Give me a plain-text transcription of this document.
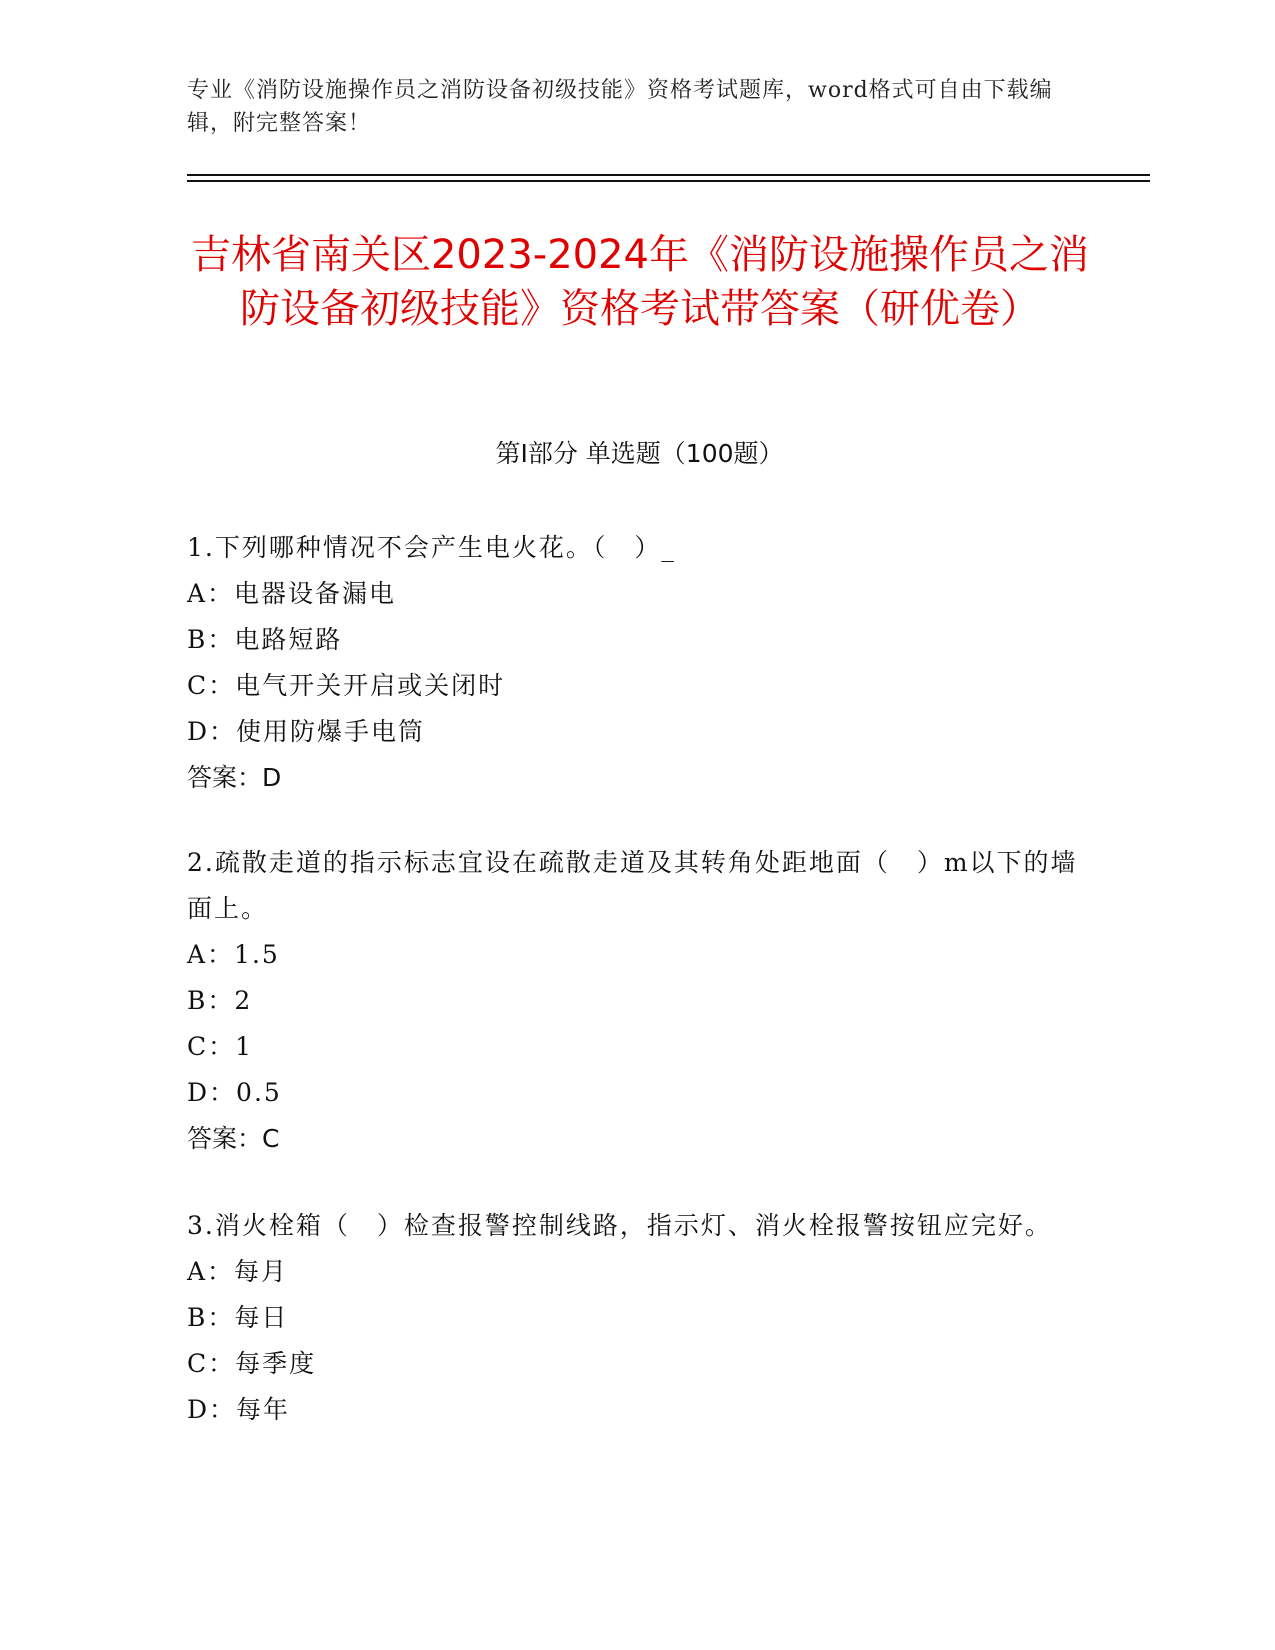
专业《消防设施操作员之消防设备初级技能》资格考试题库，word格式可自由下载编辑，附完整答案！
吉林省南关区2023-2024年《消防设施操作员之消防设备初级技能》资格考试带答案（研优卷）
第Ⅰ部分 单选题（100题）
1.下列哪种情况不会产生电火花。（　）_
A：电器设备漏电
B：电路短路
C：电气开关开启或关闭时
D：使用防爆手电筒
答案：D
2.疏散走道的指示标志宜设在疏散走道及其转角处距地面（　）m以下的墙面上。
A：1.5
B：2
C：1
D：0.5
答案：C
3.消火栓箱（　）检查报警控制线路，指示灯、消火栓报警按钮应完好。
A：每月
B：每日
C：每季度
D：每年
